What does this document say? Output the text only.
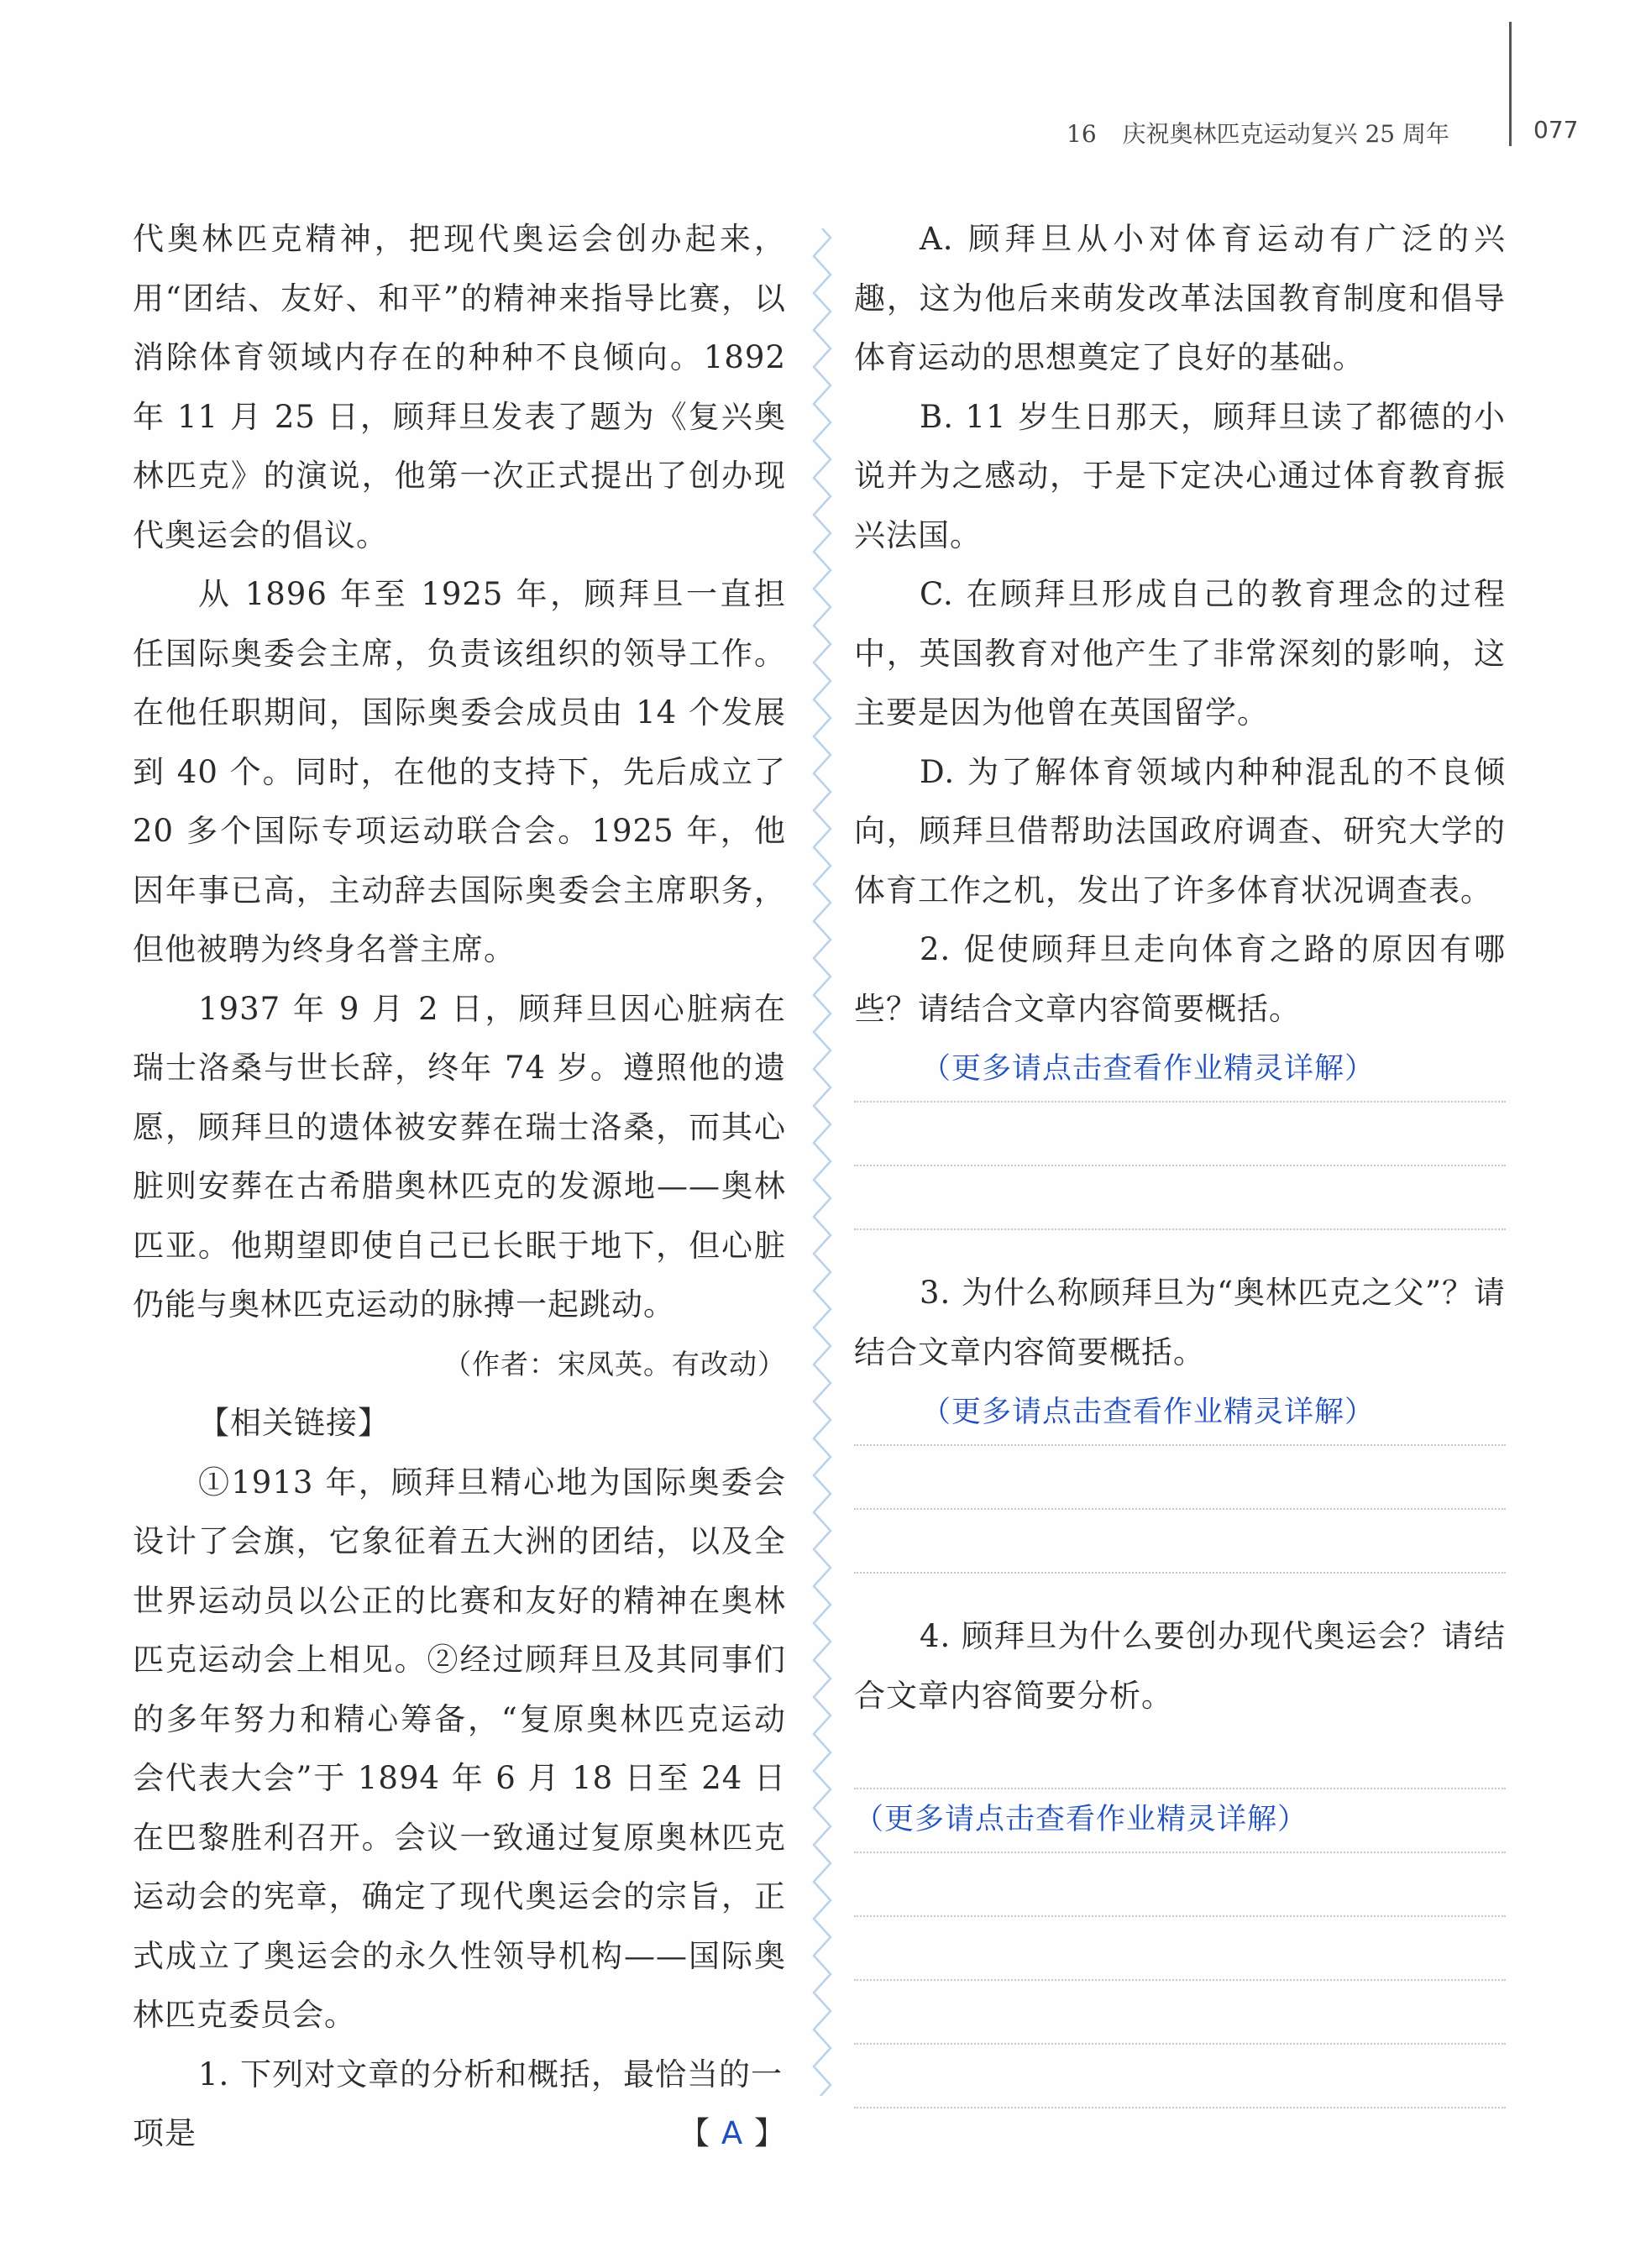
16 庆祝奥林匹克运动复兴 25 周年	077

代奥林匹克精神，把现代奥运会创办起来，用“团结、友好、和平”的精神来指导比赛，以消除体育领域内存在的种种不良倾向。1892 年 11 月 25 日，顾拜旦发表了题为《复兴奥林匹克》的演说，他第一次正式提出了创办现代奥运会的倡议。

从 1896 年至 1925 年，顾拜旦一直担任国际奥委会主席，负责该组织的领导工作。在他任职期间，国际奥委会成员由 14 个发展到 40 个。同时，在他的支持下，先后成立了 20 多个国际专项运动联合会。1925 年，他因年事已高，主动辞去国际奥委会主席职务，但他被聘为终身名誉主席。

1937 年 9 月 2 日，顾拜旦因心脏病在瑞士洛桑与世长辞，终年 74 岁。遵照他的遗愿，顾拜旦的遗体被安葬在瑞士洛桑，而其心脏则安葬在古希腊奥林匹克的发源地——奥林匹亚。他期望即使自己已长眠于地下，但心脏仍能与奥林匹克运动的脉搏一起跳动。

（作者：宋凤英。有改动）

【相关链接】

①1913 年，顾拜旦精心地为国际奥委会设计了会旗，它象征着五大洲的团结，以及全世界运动员以公正的比赛和友好的精神在奥林匹克运动会上相见。②经过顾拜旦及其同事们的多年努力和精心筹备，“复原奥林匹克运动会代表大会”于 1894 年 6 月 18 日至 24 日在巴黎胜利召开。会议一致通过复原奥林匹克运动会的宪章，确定了现代奥运会的宗旨，正式成立了奥运会的永久性领导机构——国际奥林匹克委员会。

1. 下列对文章的分析和概括，最恰当的一

项是	【 A 】

A. 顾拜旦从小对体育运动有广泛的兴趣，这为他后来萌发改革法国教育制度和倡导体育运动的思想奠定了良好的基础。

B. 11 岁生日那天，顾拜旦读了都德的小说并为之感动，于是下定决心通过体育教育振兴法国。

C. 在顾拜旦形成自己的教育理念的过程中，英国教育对他产生了非常深刻的影响，这主要是因为他曾在英国留学。

D. 为了解体育领域内种种混乱的不良倾向，顾拜旦借帮助法国政府调查、研究大学的体育工作之机，发出了许多体育状况调查表。

2. 促使顾拜旦走向体育之路的原因有哪些？请结合文章内容简要概括。

（更多请点击查看作业精灵详解）

3. 为什么称顾拜旦为“奥林匹克之父”？请结合文章内容简要概括。

（更多请点击查看作业精灵详解）

4. 顾拜旦为什么要创办现代奥运会？请结合文章内容简要分析。

（更多请点击查看作业精灵详解）
